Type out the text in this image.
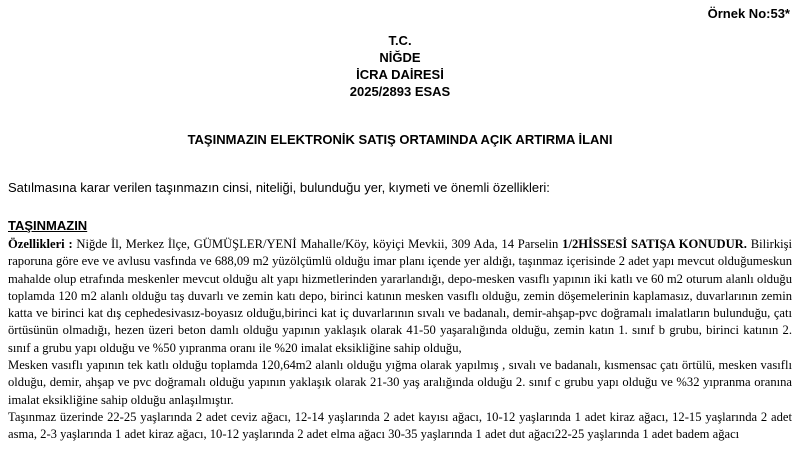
Örnek No:53*
T.C.
NİĞDE
İCRA DAİRESİ
2025/2893 ESAS
TAŞINMAZIN ELEKTRONİK SATIŞ ORTAMINDA AÇIK ARTIRMA İLANI
Satılmasına karar verilen taşınmazın cinsi, niteliği, bulunduğu yer, kıymeti ve önemli özellikleri:
TAŞINMAZIN

Özellikleri : Niğde İl, Merkez İlçe, GÜMÜŞLER/YENİ Mahalle/Köy, köyiçi Mevkii, 309 Ada, 14 Parselin 1/2HİSSESİ SATIŞA KONUDUR. Bilirkişi raporuna göre eve ve avlusu vasfında ve 688,09 m2 yüzölçümlü olduğu imar planı içende yer aldığı, taşınmaz içerisinde 2 adet yapı mevcut olduğumeskun mahalde olup etrafında meskenler mevcut olduğu alt yapı hizmetlerinden yararlandığı, depo-mesken vasıflı yapının iki katlı ve 60 m2 oturum alanlı olduğu toplamda 120 m2 alanlı olduğu taş duvarlı ve zemin katı depo, birinci katının mesken vasıflı olduğu, zemin döşemelerinin kaplamasız, duvarlarının zemin katta ve birinci kat dış cephedesivasız-boyasız olduğu,birinci kat iç duvarlarının sıvalı ve badanalı, demir-ahşap-pvc doğramalı imalatların bulunduğu, çatı örtüsünün olmadığı, hezen üzeri beton damlı olduğu yapının yaklaşık olarak 41-50 yaşaralığında olduğu, zemin katın 1. sınıf b grubu, birinci katının 2. sınıf a grubu yapı olduğu ve %50 yıpranma oranı ile %20 imalat eksikliğine sahip olduğu,

Mesken vasıflı yapının tek katlı olduğu toplamda 120,64m2 alanlı olduğu yığma olarak yapılmış , sıvalı ve badanalı, kısmensac çatı örtülü, mesken vasıflı olduğu, demir, ahşap ve pvc doğramalı olduğu yapının yaklaşık olarak 21-30 yaş aralığında olduğu 2. sınıf c grubu yapı olduğu ve %32 yıpranma oranına imalat eksikliğine sahip olduğu anlaşılmıştır.

Taşınmaz üzerinde 22-25 yaşlarında 2 adet ceviz ağacı, 12-14 yaşlarında 2 adet kayısı ağacı, 10-12 yaşlarında 1 adet kiraz ağacı, 12-15 yaşlarında 2 adet asma, 2-3 yaşlarında 1 adet kiraz ağacı, 10-12 yaşlarında 2 adet elma ağacı 30-35 yaşlarında 1 adet dut ağacı22-25 yaşlarında 1 adet badem ağacı
